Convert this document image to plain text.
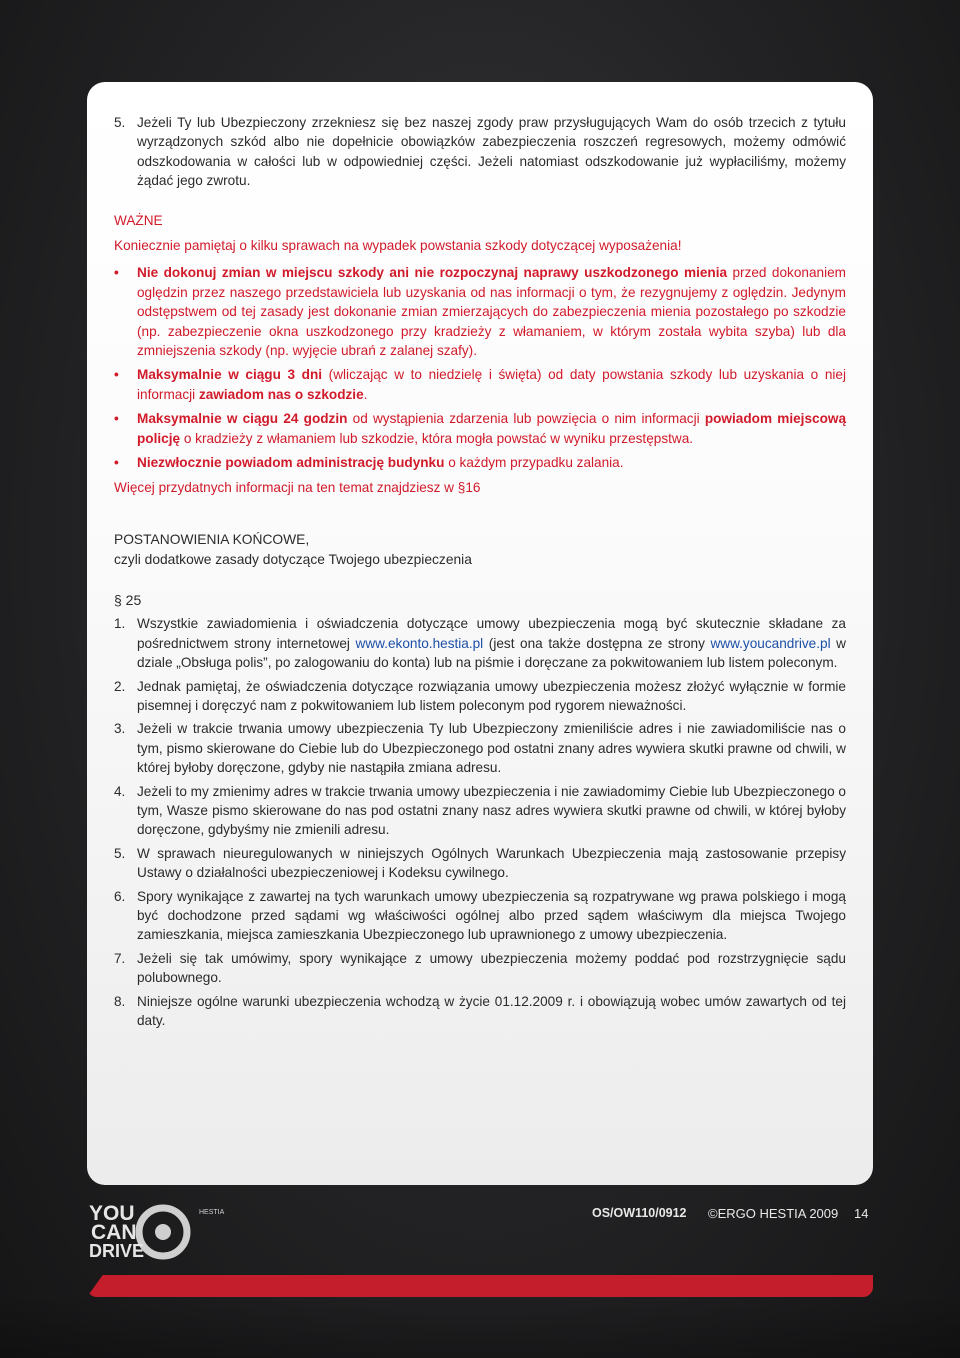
5. Jeżeli Ty lub Ubezpieczony zrzekniesz się bez naszej zgody praw przysługujących Wam do osób trzecich z tytułu wyrządzonych szkód albo nie dopełnicie obowiązków zabezpieczenia roszczeń regresowych, możemy odmówić odszkodowania w całości lub w odpowiedniej części. Jeżeli natomiast odszkodowanie już wypłaciliśmy, możemy żądać jego zwrotu.

WAŻNE

Koniecznie pamiętaj o kilku sprawach na wypadek powstania szkody dotyczącej wyposażenia!

• Nie dokonuj zmian w miejscu szkody ani nie rozpoczynaj naprawy uszkodzonego mienia przed dokonaniem oględzin przez naszego przedstawiciela lub uzyskania od nas informacji o tym, że rezygnujemy z oględzin. Jedynym odstępstwem od tej zasady jest dokonanie zmian zmierzających do zabezpieczenia mienia pozostałego po szkodzie (np. zabezpieczenie okna uszkodzonego przy kradzieży z włamaniem, w którym została wybita szyba) lub dla zmniejszenia szkody (np. wyjęcie ubrań z zalanej szafy).

• Maksymalnie w ciągu 3 dni (wliczając w to niedzielę i święta) od daty powstania szkody lub uzyskania o niej informacji zawiadom nas o szkodzie.

• Maksymalnie w ciągu 24 godzin od wystąpienia zdarzenia lub powzięcia o nim informacji powiadom miejscową policję o kradzieży z włamaniem lub szkodzie, która mogła powstać w wyniku przestępstwa.

• Niezwłocznie powiadom administrację budynku o każdym przypadku zalania.

Więcej przydatnych informacji na ten temat znajdziesz w §16

POSTANOWIENIA KOŃCOWE,
czyli dodatkowe zasady dotyczące Twojego ubezpieczenia
§ 25
1. Wszystkie zawiadomienia i oświadczenia dotyczące umowy ubezpieczenia mogą być skutecznie składane za pośrednictwem strony internetowej www.ekonto.hestia.pl (jest ona także dostępna ze strony www.youcandrive.pl w dziale „Obsługa polis”, po zalogowaniu do konta) lub na piśmie i doręczane za pokwitowaniem lub listem poleconym.

2. Jednak pamiętaj, że oświadczenia dotyczące rozwiązania umowy ubezpieczenia możesz złożyć wyłącznie w formie pisemnej i doręczyć nam z pokwitowaniem lub listem poleconym pod rygorem nieważności.

3. Jeżeli w trakcie trwania umowy ubezpieczenia Ty lub Ubezpieczony zmieniliście adres i nie zawiadomiliście nas o tym, pismo skierowane do Ciebie lub do Ubezpieczonego pod ostatni znany adres wywiera skutki prawne od chwili, w której byłoby doręczone, gdyby nie nastąpiła zmiana adresu.

4. Jeżeli to my zmienimy adres w trakcie trwania umowy ubezpieczenia i nie zawiadomimy Ciebie lub Ubezpieczonego o tym, Wasze pismo skierowane do nas pod ostatni znany nasz adres wywiera skutki prawne od chwili, w której byłoby doręczone, gdybyśmy nie zmienili adresu.

5. W sprawach nieuregulowanych w niniejszych Ogólnych Warunkach Ubezpieczenia mają zastosowanie przepisy Ustawy o działalności ubezpieczeniowej i Kodeksu cywilnego.

6. Spory wynikające z zawartej na tych warunkach umowy ubezpieczenia są rozpatrywane wg prawa polskiego i mogą być dochodzone przed sądami wg właściwości ogólnej albo przed sądem właściwym dla miejsca Twojego zamieszkania, miejsca zamieszkania Ubezpieczonego lub uprawnionego z umowy ubezpieczenia.

7. Jeżeli się tak umówimy, spory wynikające z umowy ubezpieczenia możemy poddać pod rozstrzygnięcie sądu polubownego.

8. Niniejsze ogólne warunki ubezpieczenia wchodzą w życie 01.12.2009 r. i obowiązują wobec umów zawartych od tej daty.

YOU
CAN
DRIVE
HESTIA	OS/OW110/0912 ©ERGO HESTIA 2009 14
